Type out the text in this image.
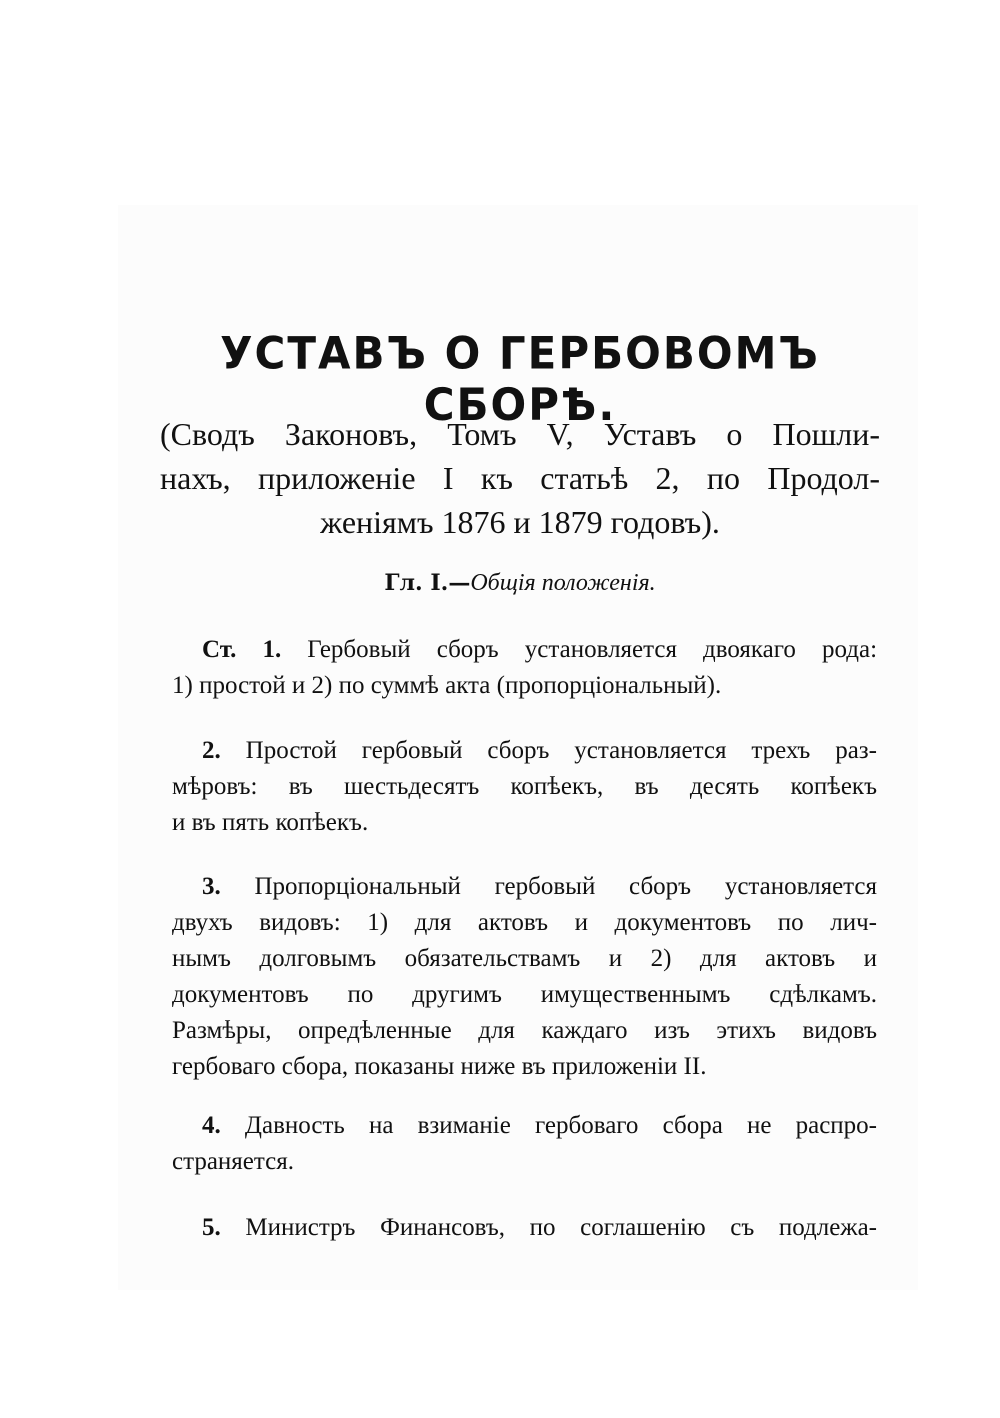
УСТАВЪ О ГЕРБОВОМЪ СБОРѢ.
(Сводъ Законовъ, Томъ V, Уставъ о Пошли-
нахъ, приложеніе I къ статьѣ 2, по Продол-
женіямъ 1876 и 1879 годовъ).
Гл. I.—Общія положенія.
Ст. 1. Гербовый сборъ установляется двоякаго рода:
1) простой и 2) по суммѣ акта (пропорціональный).
2. Простой гербовый сборъ установляется трехъ раз-
мѣровъ: въ шестьдесятъ копѣекъ, въ десять копѣекъ
и въ пять копѣекъ.
3. Пропорціональный гербовый сборъ установляется
двухъ видовъ: 1) для актовъ и документовъ по лич-
нымъ долговымъ обязательствамъ и 2) для актовъ и
документовъ по другимъ имущественнымъ сдѣлкамъ.
Размѣры, опредѣленные для каждаго изъ этихъ видовъ
гербоваго сбора, показаны ниже въ приложеніи II.
4. Давность на взиманіе гербоваго сбора не распро-
страняется.
5. Министръ Финансовъ, по соглашенію съ подлежа-
